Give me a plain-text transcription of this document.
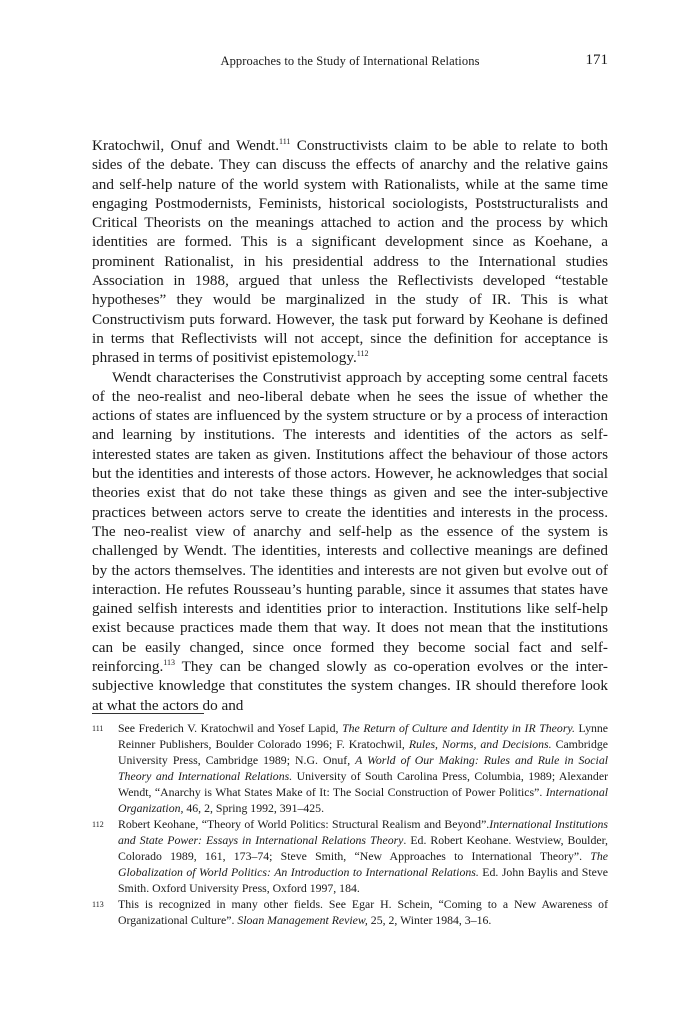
Approaches to the Study of International Relations	171

Kratochwil, Onuf and Wendt.$^{111}$ Constructivists claim to be able to relate to both sides of the debate. They can discuss the effects of anarchy and the relative gains and self-help nature of the world system with Rationalists, while at the same time engaging Postmodernists, Feminists, historical sociologists, Poststructuralists and Critical Theorists on the meanings attached to action and the process by which identities are formed. This is a significant development since as Koehane, a prominent Rationalist, in his presidential address to the International studies Association in 1988, argued that unless the Reflectivists developed “testable hypotheses” they would be marginalized in the study of IR. This is what Constructivism puts forward. However, the task put forward by Keohane is defined in terms that Reflectivists will not accept, since the definition for acceptance is phrased in terms of positivist epistemology.$^{112}$

Wendt characterises the Construtivist approach by accepting some central facets of the neo-realist and neo-liberal debate when he sees the issue of whether the actions of states are influenced by the system structure or by a process of interaction and learning by institutions. The interests and identities of the actors as self-interested states are taken as given. Institutions affect the behaviour of those actors but the identities and interests of those actors. However, he acknowledges that social theories exist that do not take these things as given and see the inter-subjective practices between actors serve to create the identities and interests in the process. The neo-realist view of anarchy and self-help as the essence of the system is challenged by Wendt. The identities, interests and collective meanings are defined by the actors themselves. The identities and interests are not given but evolve out of interaction. He refutes Rousseau’s hunting parable, since it assumes that states have gained selfish interests and identities prior to interaction. Institutions like self-help exist because practices made them that way. It does not mean that the institutions can be easily changed, since once formed they become social fact and self-reinforcing.$^{113}$ They can be changed slowly as co-operation evolves or the inter-subjective knowledge that constitutes the system changes. IR should therefore look at what the actors do and

111 See Frederich V. Kratochwil and Yosef Lapid, The Return of Culture and Identity in IR Theory. Lynne Reinner Publishers, Boulder Colorado 1996; F. Kratochwil, Rules, Norms, and Decisions. Cambridge University Press, Cambridge 1989; N.G. Onuf, A World of Our Making: Rules and Rule in Social Theory and International Relations. University of South Carolina Press, Columbia, 1989; Alexander Wendt, “Anarchy is What States Make of It: The Social Construction of Power Politics”. International Organization, 46, 2, Spring 1992, 391–425.
112 Robert Keohane, “Theory of World Politics: Structural Realism and Beyond”.International Institutions and State Power: Essays in International Relations Theory. Ed. Robert Keohane. Westview, Boulder, Colorado 1989, 161, 173–74; Steve Smith, “New Approaches to International Theory”. The Globalization of World Politics: An Introduction to International Relations. Ed. John Baylis and Steve Smith. Oxford University Press, Oxford 1997, 184.
113 This is recognized in many other fields. See Egar H. Schein, “Coming to a New Awareness of Organizational Culture”. Sloan Management Review, 25, 2, Winter 1984, 3–16.
